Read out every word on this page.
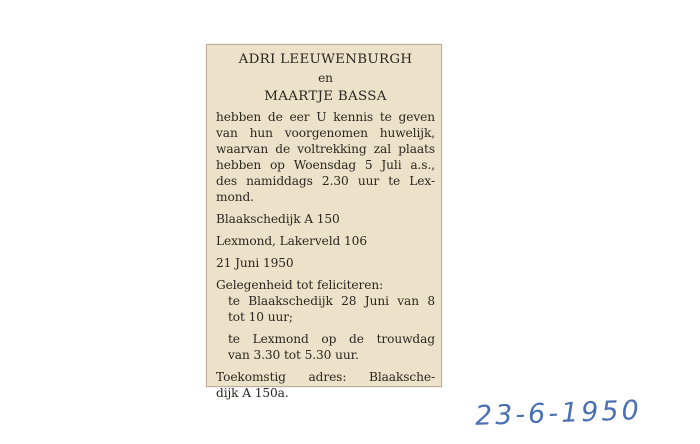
ADRI LEEUWENBURGH
en
MAARTJE BASSA
hebben de eer U kennis te geven
van hun voorgenomen huwelijk,
waarvan de voltrekking zal plaats
hebben op Woensdag 5 Juli a.s.,
des namiddags 2.30 uur te Lex-
mond.
Blaakschedijk A 150
Lexmond, Lakerveld 106
21 Juni 1950
Gelegenheid tot feliciteren:
te Blaakschedijk 28 Juni van 8
tot 10 uur;
te Lexmond op de trouwdag
van 3.30 tot 5.30 uur.
Toekomstig adres: Blaaksche-
dijk A 150a.
23-6-1950
